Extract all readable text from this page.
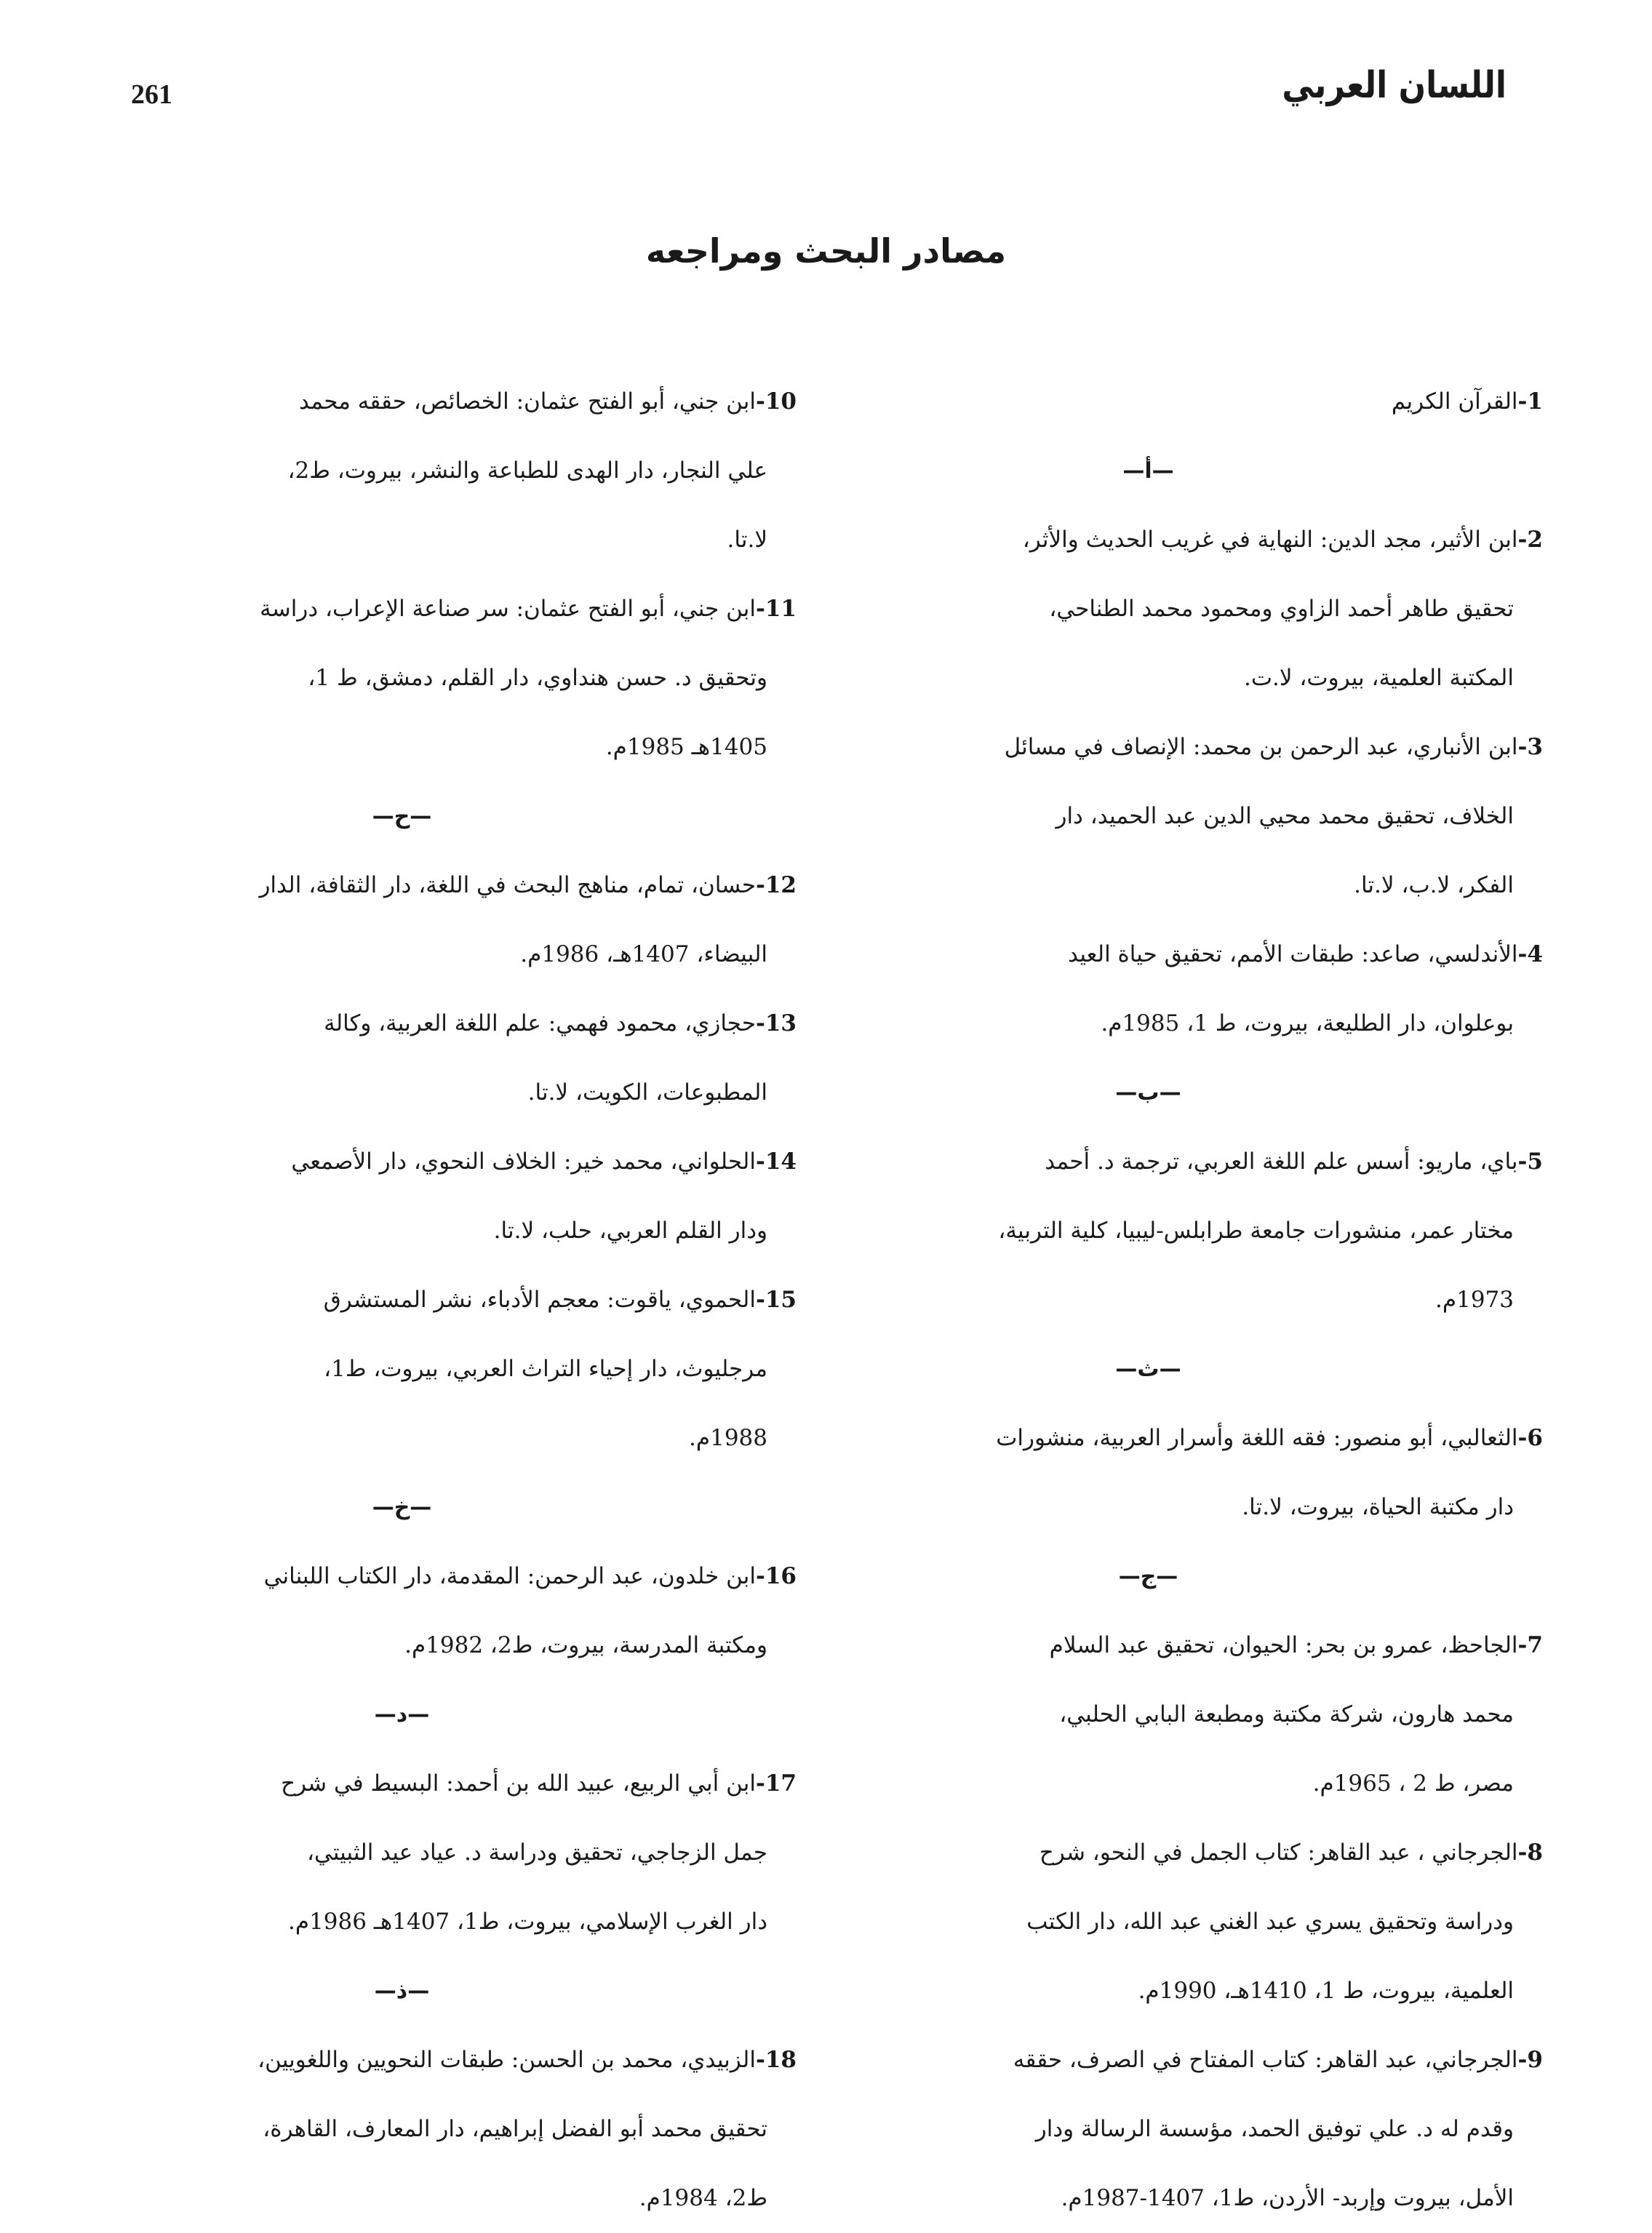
261	اللسان العربي
مصادر البحث ومراجعه
1-القرآن الكريم
—أ—
2-ابن الأثير، مجد الدين: النهاية في غريب الحديث والأثر،
تحقيق طاهر أحمد الزاوي ومحمود محمد الطناحي،
المكتبة العلمية، بيروت، لا.ت.
3-ابن الأنباري، عبد الرحمن بن محمد: الإنصاف في مسائل
الخلاف، تحقيق محمد محيي الدين عبد الحميد، دار
الفكر، لا.ب، لا.تا.
4-الأندلسي، صاعد: طبقات الأمم، تحقيق حياة العيد
بوعلوان، دار الطليعة، بيروت، ط 1، 1985م.
—ب—
5-باي، ماريو: أسس علم اللغة العربي، ترجمة د. أحمد
مختار عمر، منشورات جامعة طرابلس-ليبيا، كلية التربية،
1973م.
—ث—
6-الثعالبي، أبو منصور: فقه اللغة وأسرار العربية، منشورات
دار مكتبة الحياة، بيروت، لا.تا.
—ج—
7-الجاحظ، عمرو بن بحر: الحيوان، تحقيق عبد السلام
محمد هارون، شركة مكتبة ومطبعة البابي الحلبي،
مصر، ط 2 ، 1965م.
8-الجرجاني ، عبد القاهر: كتاب الجمل في النحو، شرح
ودراسة وتحقيق يسري عبد الغني عبد الله، دار الكتب
العلمية، بيروت، ط 1، 1410هـ، 1990م.
9-الجرجاني، عبد القاهر: كتاب المفتاح في الصرف، حققه
وقدم له د. علي توفيق الحمد، مؤسسة الرسالة ودار
الأمل، بيروت وإربد- الأردن، ط1، 1407-1987م.
10-ابن جني، أبو الفتح عثمان: الخصائص، حققه محمد
علي النجار، دار الهدى للطباعة والنشر، بيروت، ط2،
لا.تا.
11-ابن جني، أبو الفتح عثمان: سر صناعة الإعراب، دراسة
وتحقيق د. حسن هنداوي، دار القلم، دمشق، ط 1،
1405هـ 1985م.
—ح—
12-حسان، تمام، مناهج البحث في اللغة، دار الثقافة، الدار
البيضاء، 1407هـ، 1986م.
13-حجازي، محمود فهمي: علم اللغة العربية، وكالة
المطبوعات، الكويت، لا.تا.
14-الحلواني، محمد خير: الخلاف النحوي، دار الأصمعي
ودار القلم العربي، حلب، لا.تا.
15-الحموي، ياقوت: معجم الأدباء، نشر المستشرق
مرجليوث، دار إحياء التراث العربي، بيروت، ط1،
1988م.
—خ—
16-ابن خلدون، عبد الرحمن: المقدمة، دار الكتاب اللبناني
ومكتبة المدرسة، بيروت، ط2، 1982م.
—د—
17-ابن أبي الربيع، عبيد الله بن أحمد: البسيط في شرح
جمل الزجاجي، تحقيق ودراسة د. عياد عيد الثبيتي،
دار الغرب الإسلامي، بيروت، ط1، 1407هـ 1986م.
—ذ—
18-الزبيدي، محمد بن الحسن: طبقات النحويين واللغويين،
تحقيق محمد أبو الفضل إبراهيم، دار المعارف، القاهرة،
ط2، 1984م.
